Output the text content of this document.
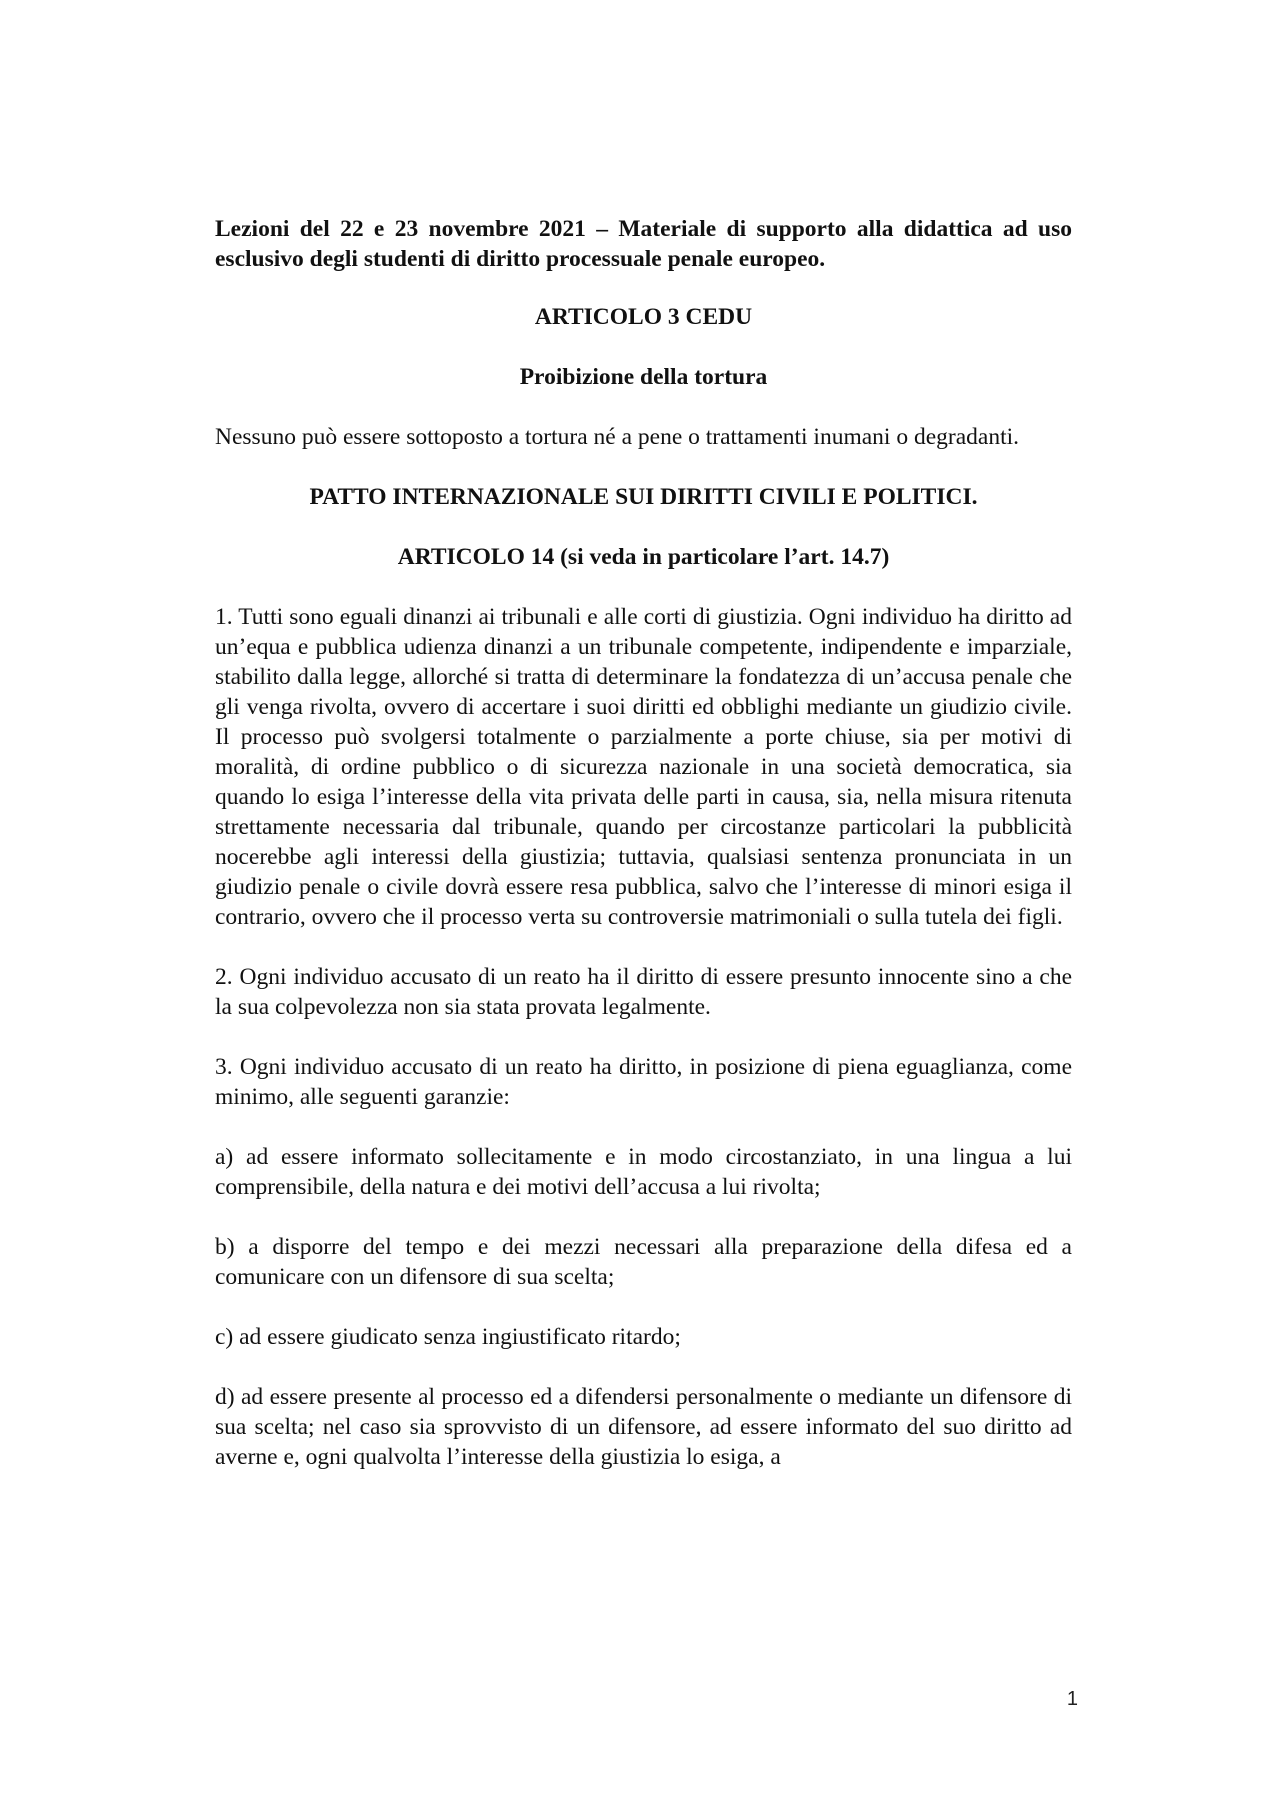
Lezioni del 22 e 23 novembre 2021 – Materiale di supporto alla didattica ad uso esclusivo degli studenti di diritto processuale penale europeo.

ARTICOLO 3 CEDU

Proibizione della tortura

Nessuno può essere sottoposto a tortura né a pene o trattamenti inumani o degradanti.

PATTO INTERNAZIONALE SUI DIRITTI CIVILI E POLITICI.

ARTICOLO 14 (si veda in particolare l’art. 14.7)

1. Tutti sono eguali dinanzi ai tribunali e alle corti di giustizia. Ogni individuo ha diritto ad un’equa e pubblica udienza dinanzi a un tribunale competente, indipendente e imparziale, stabilito dalla legge, allorché si tratta di determinare la fondatezza di un’accusa penale che gli venga rivolta, ovvero di accertare i suoi diritti ed obblighi mediante un giudizio civile. Il processo può svolgersi totalmente o parzialmente a porte chiuse, sia per motivi di moralità, di ordine pubblico o di sicurezza nazionale in una società democratica, sia quando lo esiga l’interesse della vita privata delle parti in causa, sia, nella misura ritenuta strettamente necessaria dal tribunale, quando per circostanze particolari la pubblicità nocerebbe agli interessi della giustizia; tuttavia, qualsiasi sentenza pronunciata in un giudizio penale o civile dovrà essere resa pubblica, salvo che l’interesse di minori esiga il contrario, ovvero che il processo verta su controversie matrimoniali o sulla tutela dei figli.

2. Ogni individuo accusato di un reato ha il diritto di essere presunto innocente sino a che la sua colpevolezza non sia stata provata legalmente.

3. Ogni individuo accusato di un reato ha diritto, in posizione di piena eguaglianza, come minimo, alle seguenti garanzie:

a) ad essere informato sollecitamente e in modo circostanziato, in una lingua a lui comprensibile, della natura e dei motivi dell’accusa a lui rivolta;

b) a disporre del tempo e dei mezzi necessari alla preparazione della difesa ed a comunicare con un difensore di sua scelta;

c) ad essere giudicato senza ingiustificato ritardo;

d) ad essere presente al processo ed a difendersi personalmente o mediante un difensore di sua scelta; nel caso sia sprovvisto di un difensore, ad essere informato del suo diritto ad averne e, ogni qualvolta l’interesse della giustizia lo esiga, a

1
